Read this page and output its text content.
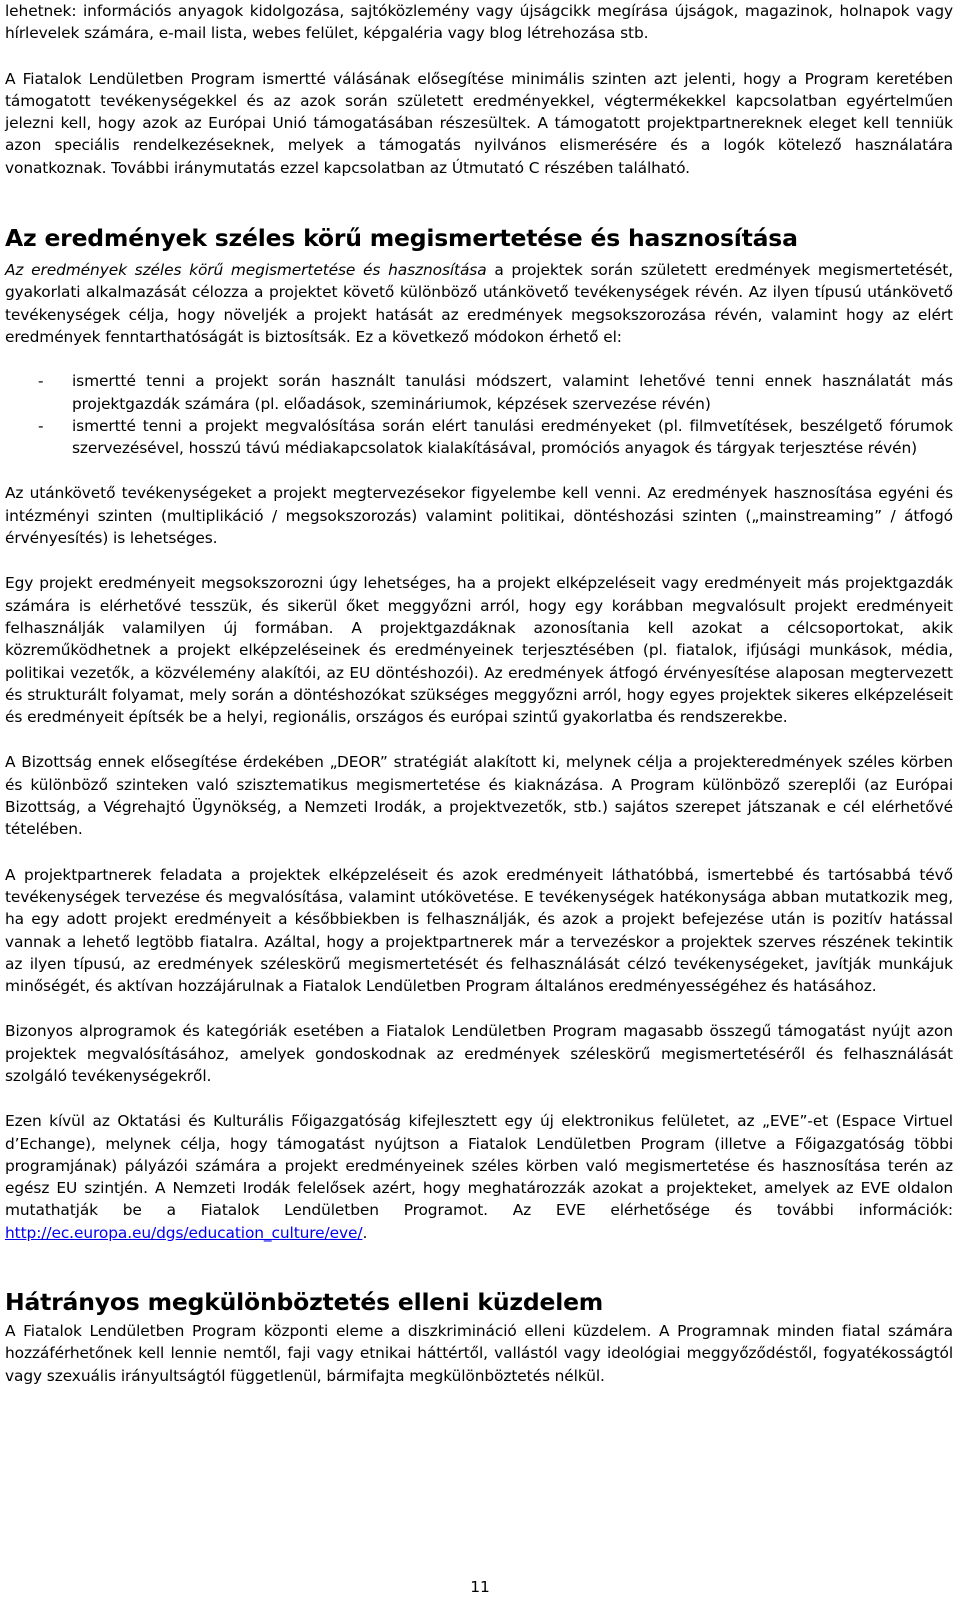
lehetnek: információs anyagok kidolgozása, sajtóközlemény vagy újságcikk megírása újságok, magazinok, holnapok vagy hírlevelek számára, e-mail lista, webes felület, képgaléria vagy blog létrehozása stb.

A Fiatalok Lendületben Program ismertté válásának elősegítése minimális szinten azt jelenti, hogy a Program keretében támogatott tevékenységekkel és az azok során született eredményekkel, végtermékekkel kapcsolatban egyértelműen jelezni kell, hogy azok az Európai Unió támogatásában részesültek. A támogatott projektpartnereknek eleget kell tenniük azon speciális rendelkezéseknek, melyek a támogatás nyilvános elismerésére és a logók kötelező használatára vonatkoznak. További iránymutatás ezzel kapcsolatban az Útmutató C részében található.

Az eredmények széles körű megismertetése és hasznosítása

Az eredmények széles körű megismertetése és hasznosítása a projektek során született eredmények megismertetését, gyakorlati alkalmazását célozza a projektet követő különböző utánkövető tevékenységek révén. Az ilyen típusú utánkövető tevékenységek célja, hogy növeljék a projekt hatását az eredmények megsokszorozása révén, valamint hogy az elért eredmények fenntarthatóságát is biztosítsák. Ez a következő módokon érhető el:

- ismertté tenni a projekt során használt tanulási módszert, valamint lehetővé tenni ennek használatát más projektgazdák számára (pl. előadások, szemináriumok, képzések szervezése révén)
- ismertté tenni a projekt megvalósítása során elért tanulási eredményeket (pl. filmvetítések, beszélgető fórumok szervezésével, hosszú távú médiakapcsolatok kialakításával, promóciós anyagok és tárgyak terjesztése révén)

Az utánkövető tevékenységeket a projekt megtervezésekor figyelembe kell venni. Az eredmények hasznosítása egyéni és intézményi szinten (multiplikáció / megsokszorozás) valamint politikai, döntéshozási szinten („mainstreaming” / átfogó érvényesítés) is lehetséges.

Egy projekt eredményeit megsokszorozni úgy lehetséges, ha a projekt elképzeléseit vagy eredményeit más projektgazdák számára is elérhetővé tesszük, és sikerül őket meggyőzni arról, hogy egy korábban megvalósult projekt eredményeit felhasználják valamilyen új formában. A projektgazdáknak azonosítania kell azokat a célcsoportokat, akik közreműködhetnek a projekt elképzeléseinek és eredményeinek terjesztésében (pl. fiatalok, ifjúsági munkások, média, politikai vezetők, a közvélemény alakítói, az EU döntéshozói). Az eredmények átfogó érvényesítése alaposan megtervezett és strukturált folyamat, mely során a döntéshozókat szükséges meggyőzni arról, hogy egyes projektek sikeres elképzeléseit és eredményeit építsék be a helyi, regionális, országos és európai szintű gyakorlatba és rendszerekbe.

A Bizottság ennek elősegítése érdekében „DEOR” stratégiát alakított ki, melynek célja a projekteredmények széles körben és különböző szinteken való szisztematikus megismertetése és kiaknázása. A Program különböző szereplői (az Európai Bizottság, a Végrehajtó Ügynökség, a Nemzeti Irodák, a projektvezetők, stb.) sajátos szerepet játszanak e cél elérhetővé tételében.

A projektpartnerek feladata a projektek elképzeléseit és azok eredményeit láthatóbbá, ismertebbé és tartósabbá tévő tevékenységek tervezése és megvalósítása, valamint utókövetése. E tevékenységek hatékonysága abban mutatkozik meg, ha egy adott projekt eredményeit a későbbiekben is felhasználják, és azok a projekt befejezése után is pozitív hatással vannak a lehető legtöbb fiatalra. Azáltal, hogy a projektpartnerek már a tervezéskor a projektek szerves részének tekintik az ilyen típusú, az eredmények széleskörű megismertetését és felhasználását célzó tevékenységeket, javítják munkájuk minőségét, és aktívan hozzájárulnak a Fiatalok Lendületben Program általános eredményességéhez és hatásához.

Bizonyos alprogramok és kategóriák esetében a Fiatalok Lendületben Program magasabb összegű támogatást nyújt azon projektek megvalósításához, amelyek gondoskodnak az eredmények széleskörű megismertetéséről és felhasználását szolgáló tevékenységekről.

Ezen kívül az Oktatási és Kulturális Főigazgatóság kifejlesztett egy új elektronikus felületet, az „EVE”-et (Espace Virtuel d’Echange), melynek célja, hogy támogatást nyújtson a Fiatalok Lendületben Program (illetve a Főigazgatóság többi programjának) pályázói számára a projekt eredményeinek széles körben való megismertetése és hasznosítása terén az egész EU szintjén. A Nemzeti Irodák felelősek azért, hogy meghatározzák azokat a projekteket, amelyek az EVE oldalon mutathatják be a Fiatalok Lendületben Programot. Az EVE elérhetősége és további információk: http://ec.europa.eu/dgs/education_culture/eve/.

Hátrányos megkülönböztetés elleni küzdelem

A Fiatalok Lendületben Program központi eleme a diszkrimináció elleni küzdelem. A Programnak minden fiatal számára hozzáférhetőnek kell lennie nemtől, faji vagy etnikai háttértől, vallástól vagy ideológiai meggyőződéstől, fogyatékosságtól vagy szexuális irányultságtól függetlenül, bármifajta megkülönböztetés nélkül.

11
